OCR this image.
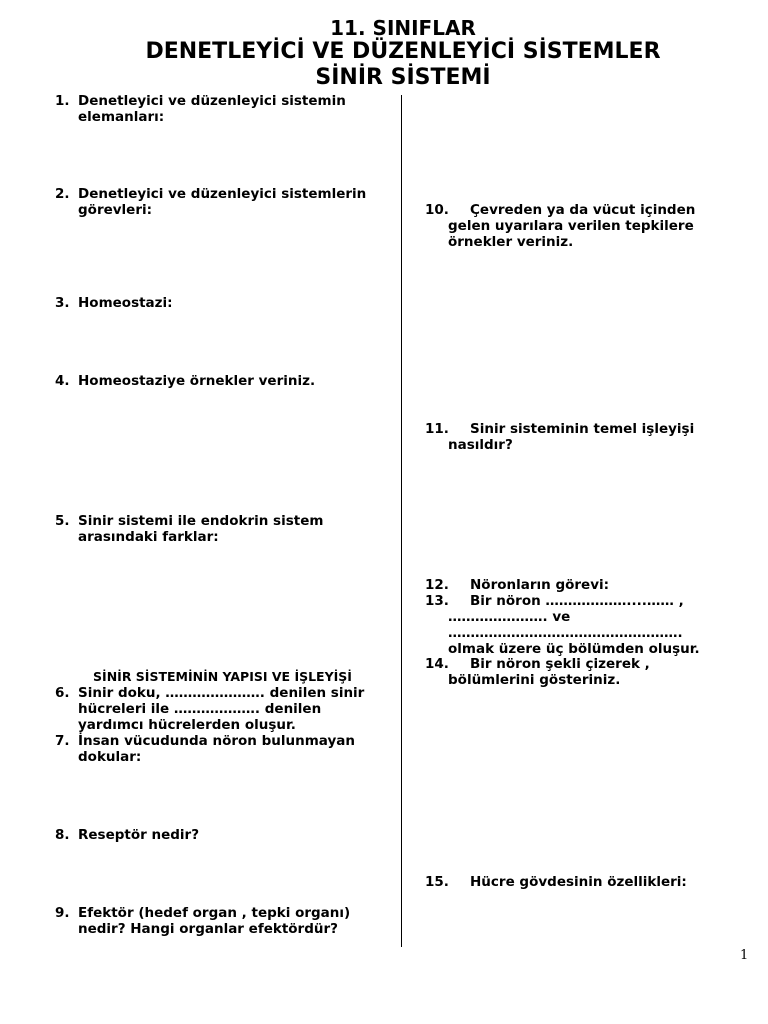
11. SINIFLAR
DENETLEYİCİ VE DÜZENLEYİCİ SİSTEMLER
SİNİR SİSTEMİ
1. Denetleyici ve düzenleyici sistemin elemanları:
2. Denetleyici ve düzenleyici sistemlerin görevleri:
3. Homeostazi:
4. Homeostaziye örnekler veriniz.
5. Sinir sistemi ile endokrin sistem arasındaki farklar:
SİNİR SİSTEMİNİN YAPISI VE İŞLEYİŞİ
6. Sinir doku, …………………. denilen sinir hücreleri ile ………………. denilen yardımcı hücrelerden oluşur.
7. İnsan vücudunda nöron bulunmayan dokular:
8. Reseptör nedir?
9. Efektör (hedef organ , tepki organı) nedir? Hangi organlar efektördür?
10.	Çevreden ya da vücut içinden gelen uyarılara verilen tepkilere örnekler veriniz.
11.	Sinir sisteminin temel işleyişi nasıldır?
12.	Nöronların görevi:
13.	Bir nöron ………………....…… , …………………. ve ……………………………………………. olmak üzere üç bölümden oluşur.
14.	Bir nöron şekli çizerek , bölümlerini gösteriniz.
15.	Hücre gövdesinin özellikleri:
1
